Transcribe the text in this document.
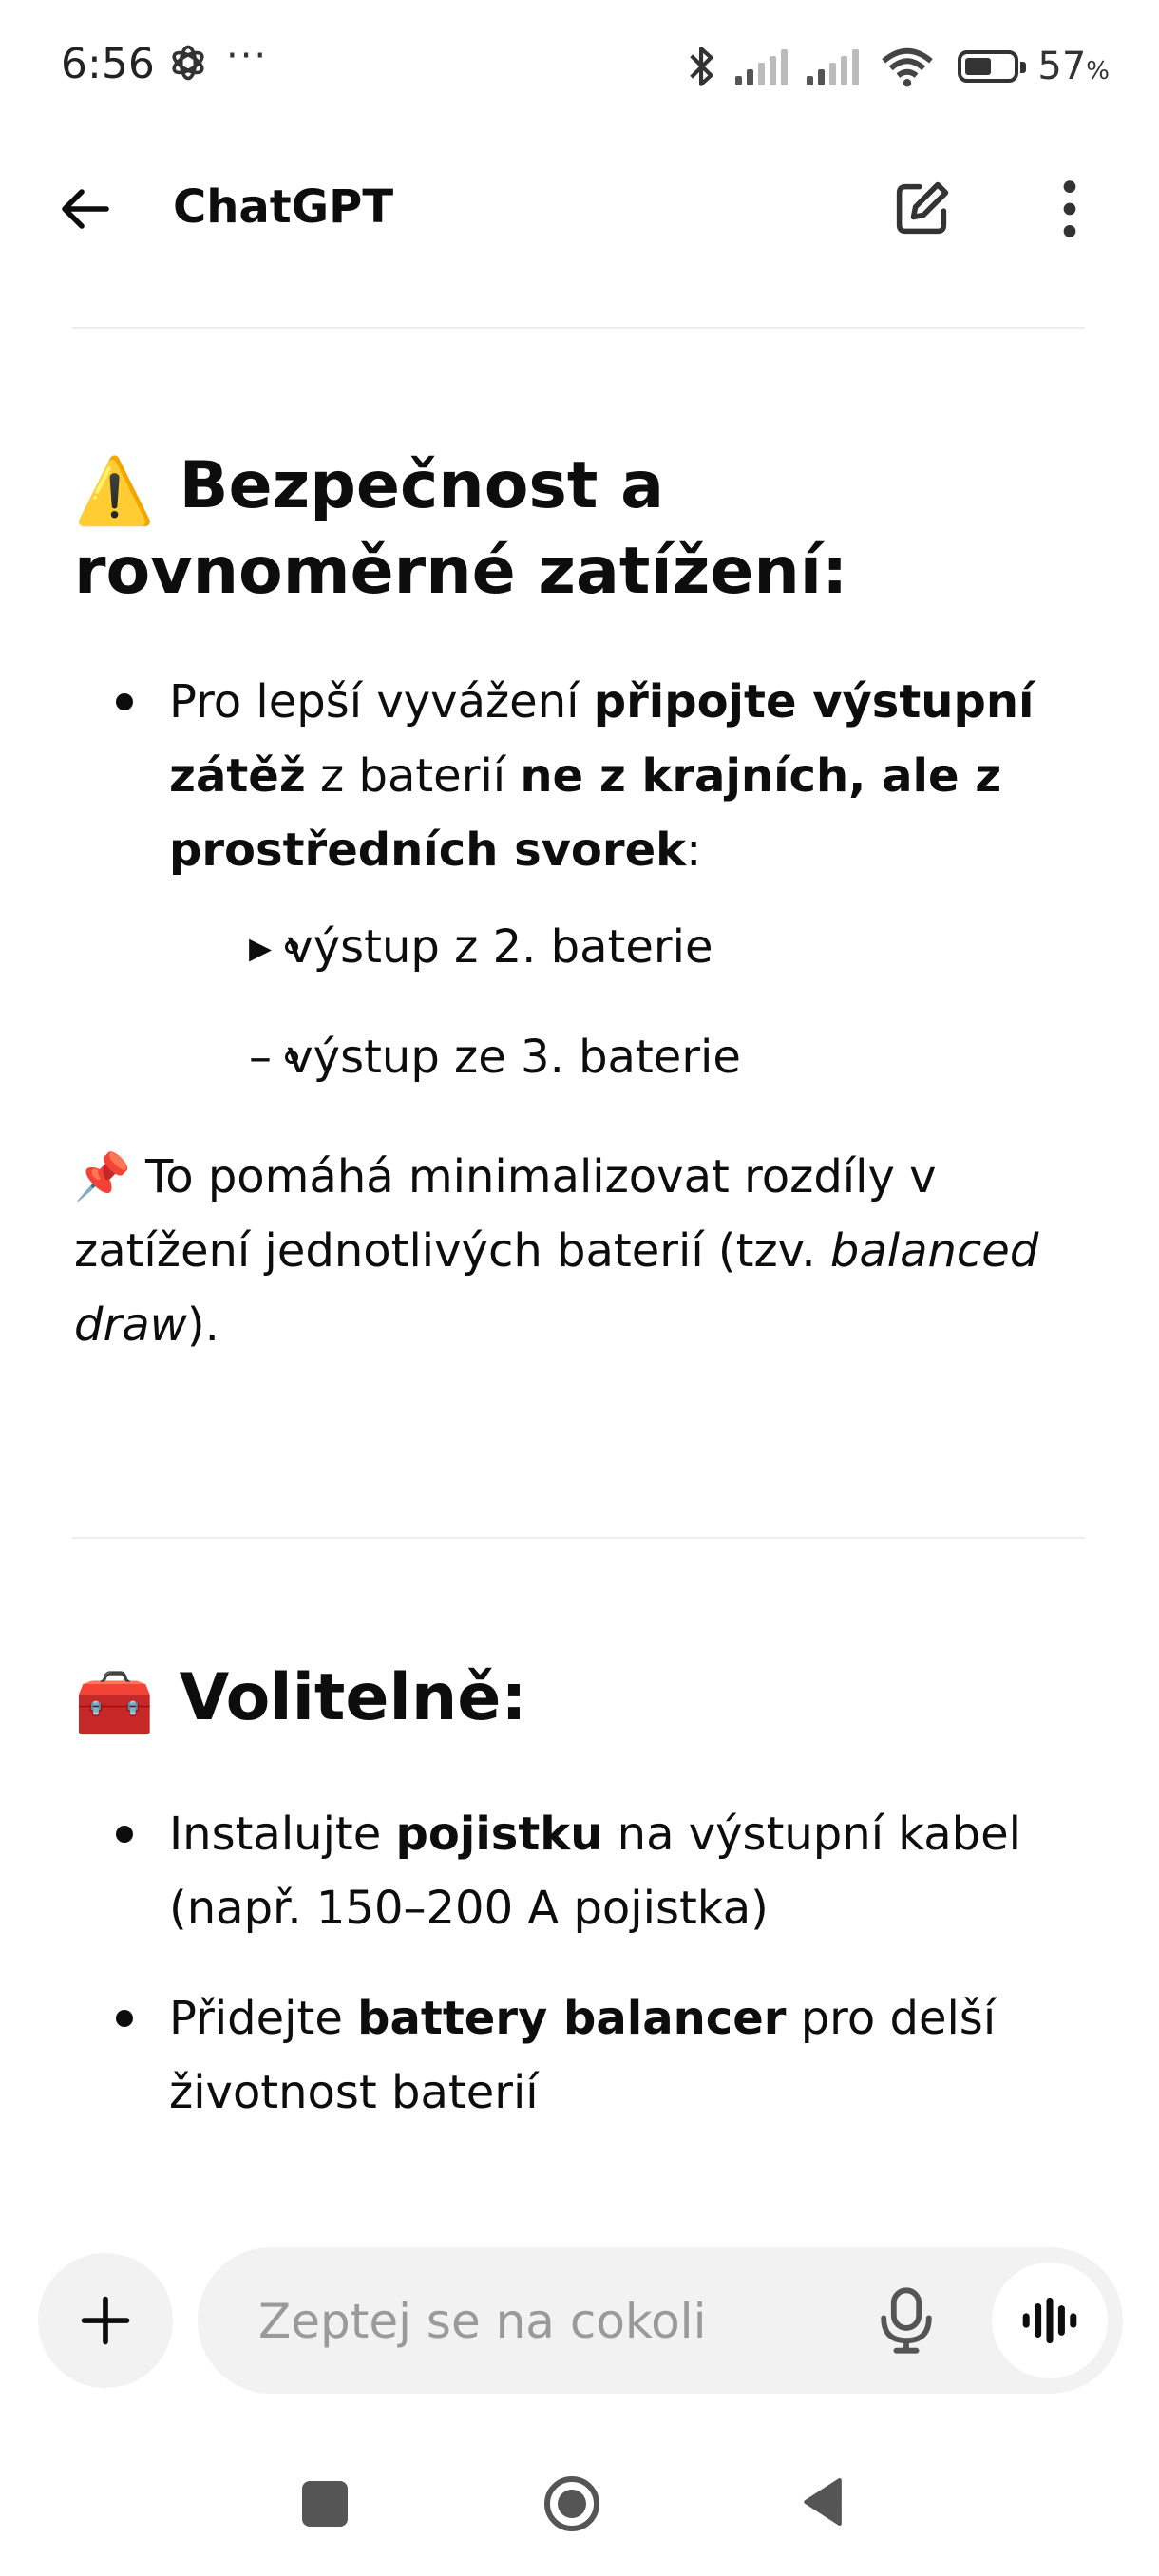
6:56 ···	57%
ChatGPT
⚠️ Bezpečnost a rovnoměrné zatížení:
Pro lepší vyvážení připojte výstupní zátěž z baterií ne z krajních, ale z prostředních svorek:
▸ výstup z 2. baterie
– výstup ze 3. baterie

📌 To pomáhá minimalizovat rozdíly v zatížení jednotlivých baterií (tzv. balanced draw).

🧰 Volitelně:
Instalujte pojistku na výstupní kabel (např. 150–200 A pojistka)
Přidejte battery balancer pro delší životnost baterií
Zeptej se na cokoli
